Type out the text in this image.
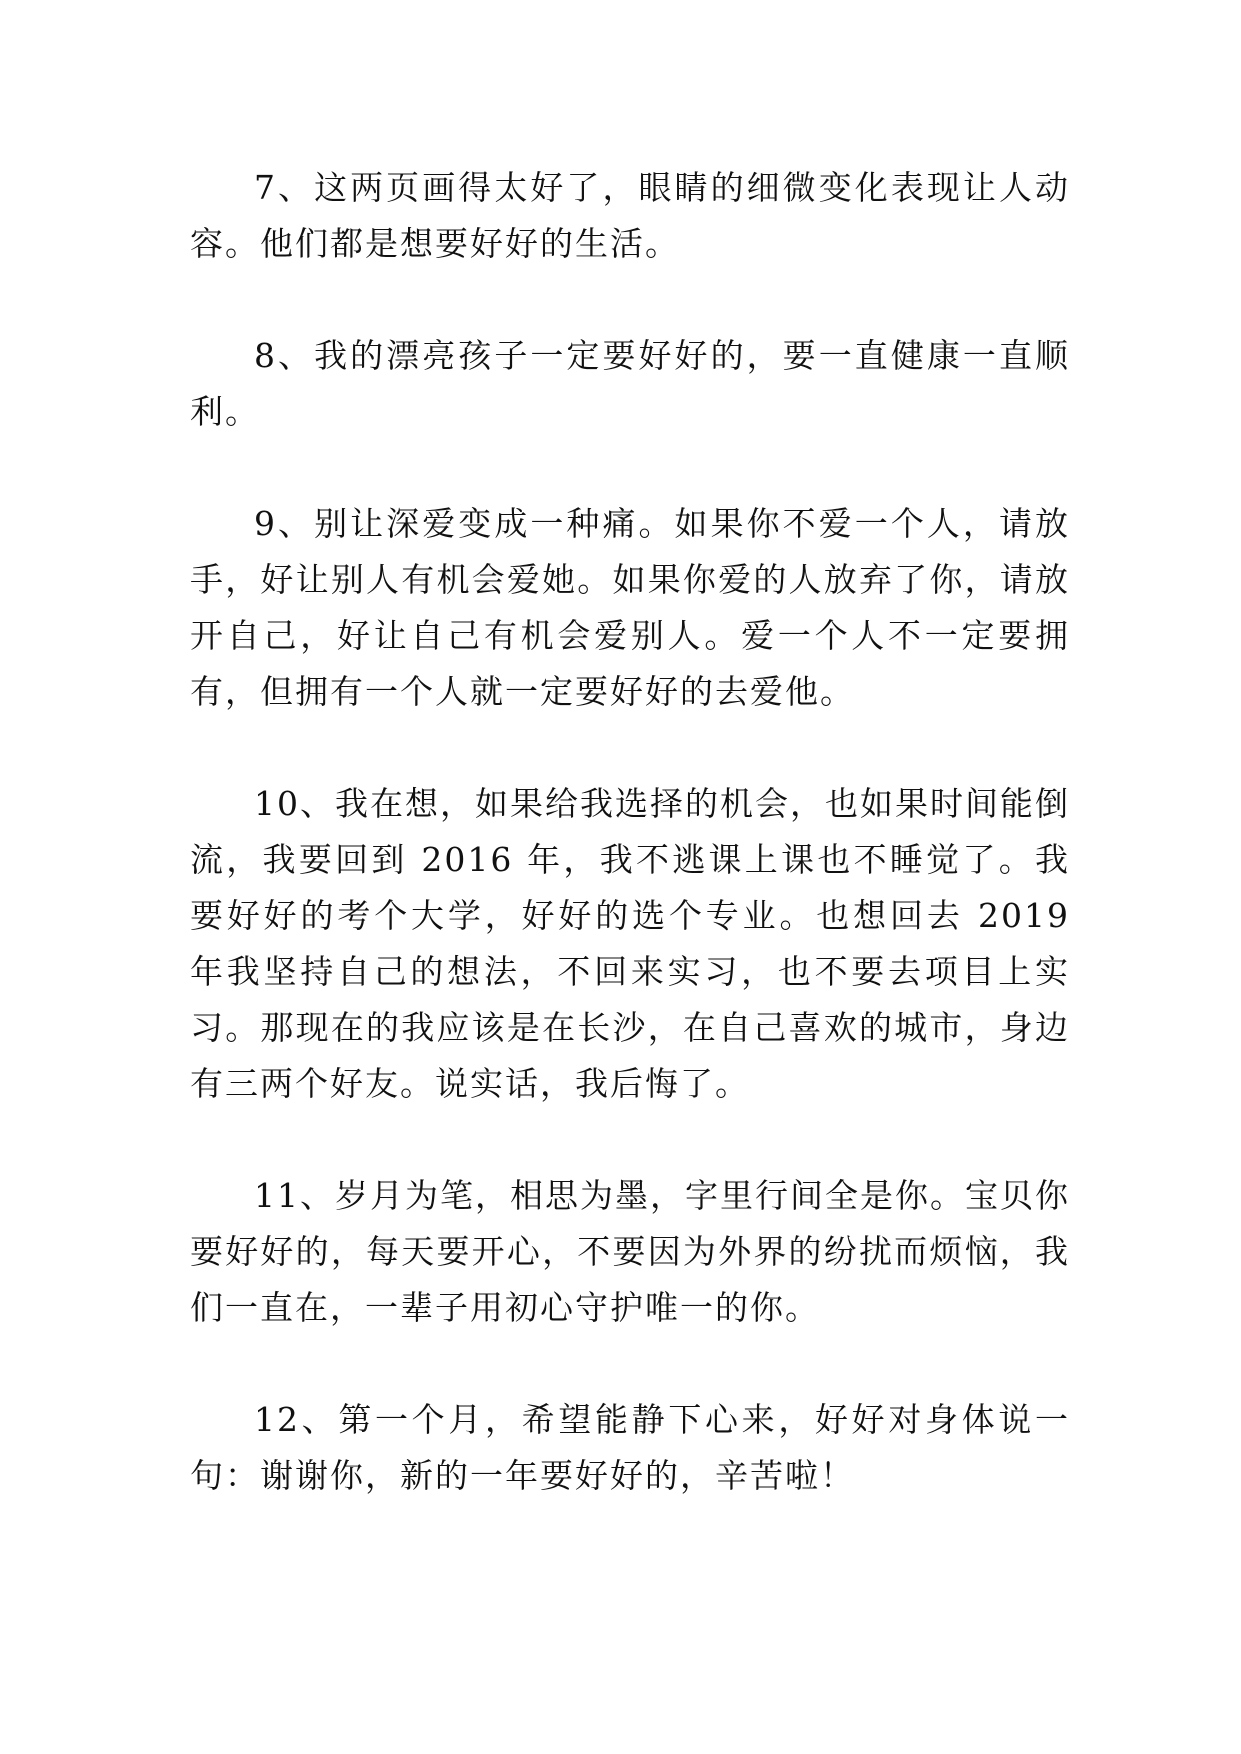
7、这两页画得太好了，眼睛的细微变化表现让人动容。他们都是想要好好的生活。

8、我的漂亮孩子一定要好好的，要一直健康一直顺利。

9、别让深爱变成一种痛。如果你不爱一个人，请放手，好让别人有机会爱她。如果你爱的人放弃了你，请放开自己，好让自己有机会爱别人。爱一个人不一定要拥有，但拥有一个人就一定要好好的去爱他。

10、我在想，如果给我选择的机会，也如果时间能倒流，我要回到 2016 年，我不逃课上课也不睡觉了。我要好好的考个大学，好好的选个专业。也想回去 2019 年我坚持自己的想法，不回来实习，也不要去项目上实习。那现在的我应该是在长沙，在自己喜欢的城市，身边有三两个好友。说实话，我后悔了。

11、岁月为笔，相思为墨，字里行间全是你。宝贝你要好好的，每天要开心，不要因为外界的纷扰而烦恼，我们一直在，一辈子用初心守护唯一的你。

12、第一个月，希望能静下心来，好好对身体说一句：谢谢你，新的一年要好好的，辛苦啦！
